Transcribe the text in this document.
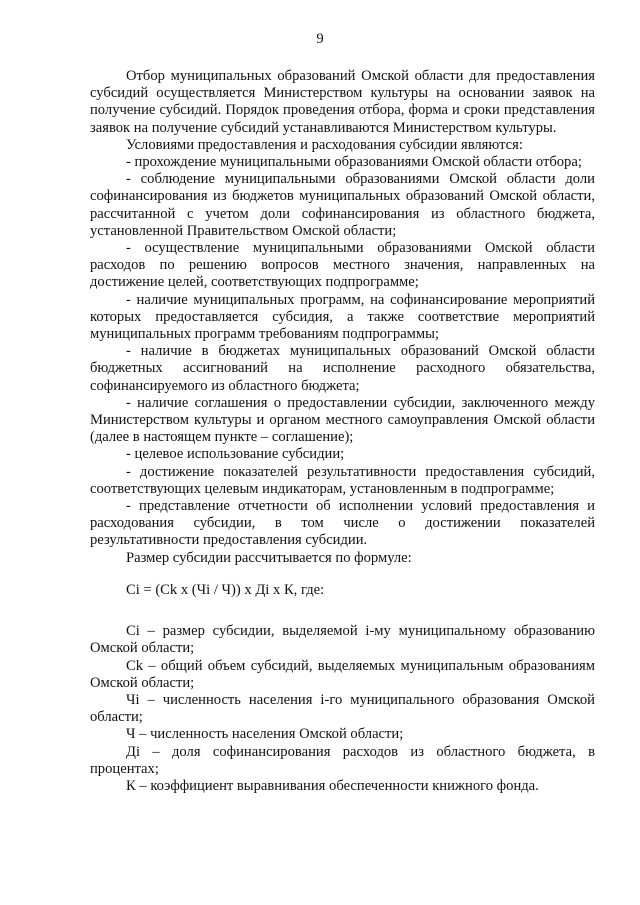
9

Отбор муниципальных образований Омской области для предоставления субсидий осуществляется Министерством культуры на основании заявок на получение субсидий. Порядок проведения отбора, форма и сроки представления заявок на получение субсидий устанавливаются Министерством культуры.

Условиями предоставления и расходования субсидии являются:

- прохождение муниципальными образованиями Омской области отбора;

- соблюдение муниципальными образованиями Омской области доли софинансирования из бюджетов муниципальных образований Омской области, рассчитанной с учетом доли софинансирования из областного бюджета, установленной Правительством Омской области;

- осуществление муниципальными образованиями Омской области расходов по решению вопросов местного значения, направленных на достижение целей, соответствующих подпрограмме;

- наличие муниципальных программ, на софинансирование мероприятий которых предоставляется субсидия, а также соответствие мероприятий муниципальных программ требованиям подпрограммы;

- наличие в бюджетах муниципальных образований Омской области бюджетных ассигнований на исполнение расходного обязательства, софинансируемого из областного бюджета;

- наличие соглашения о предоставлении субсидии, заключенного между Министерством культуры и органом местного самоуправления Омской области (далее в настоящем пункте – соглашение);

- целевое использование субсидии;

- достижение показателей результативности предоставления субсидий, соответствующих целевым индикаторам, установленным в подпрограмме;

- представление отчетности об исполнении условий предоставления и расходования субсидии, в том числе о достижении показателей результативности предоставления субсидии.

Размер субсидии рассчитывается по формуле:

Сi = (Сk х (Чi / Ч)) х Дi х К, где:

Сi – размер субсидии, выделяемой i-му муниципальному образованию Омской области;

Сk – общий объем субсидий, выделяемых муниципальным образованиям Омской области;

Чi – численность населения i-го муниципального образования Омской области;

Ч – численность населения Омской области;

Дi – доля софинансирования расходов из областного бюджета, в процентах;

К – коэффициент выравнивания обеспеченности книжного фонда.
